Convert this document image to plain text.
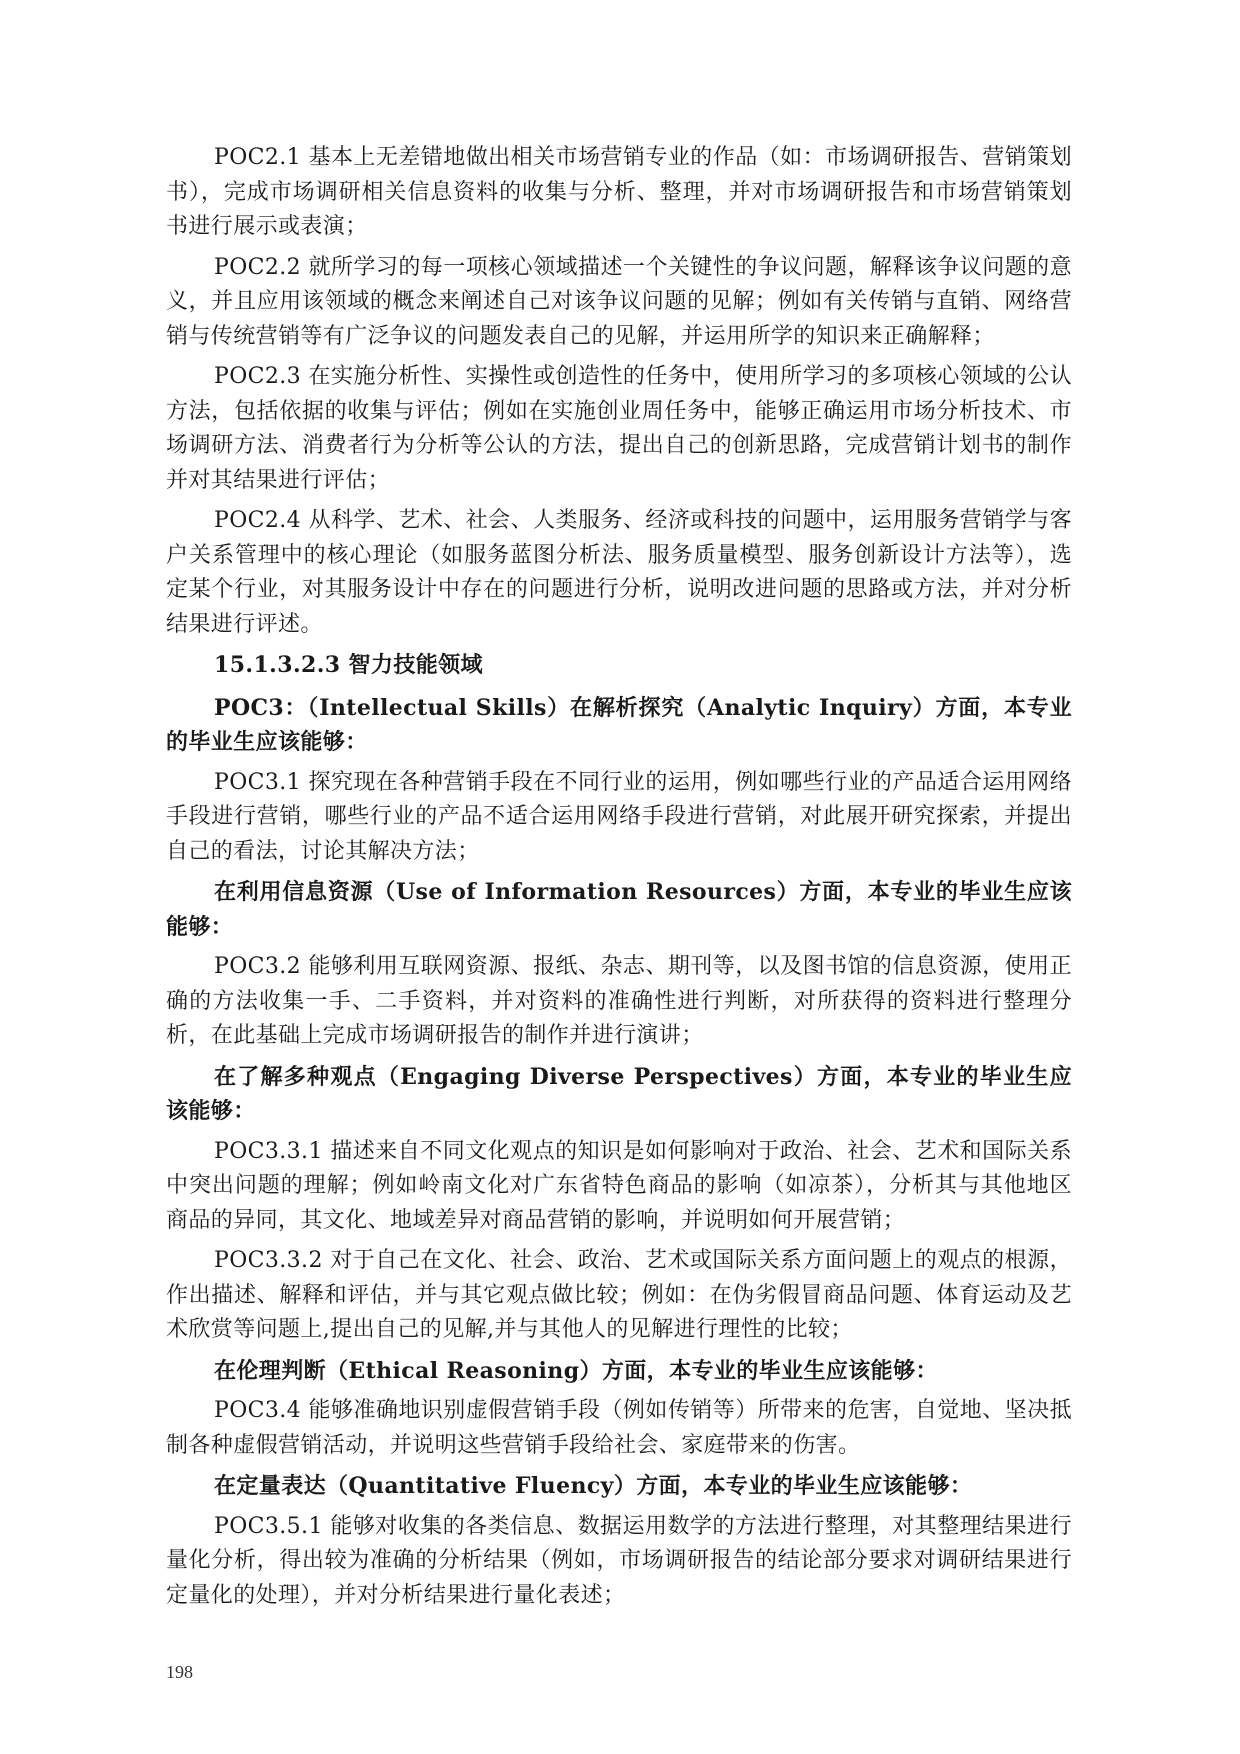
POC2.1 基本上无差错地做出相关市场营销专业的作品（如：市场调研报告、营销策划书），完成市场调研相关信息资料的收集与分析、整理，并对市场调研报告和市场营销策划书进行展示或表演；

POC2.2 就所学习的每一项核心领域描述一个关键性的争议问题，解释该争议问题的意义，并且应用该领域的概念来阐述自己对该争议问题的见解；例如有关传销与直销、网络营销与传统营销等有广泛争议的问题发表自己的见解，并运用所学的知识来正确解释；

POC2.3 在实施分析性、实操性或创造性的任务中，使用所学习的多项核心领域的公认方法，包括依据的收集与评估；例如在实施创业周任务中，能够正确运用市场分析技术、市场调研方法、消费者行为分析等公认的方法，提出自己的创新思路，完成营销计划书的制作并对其结果进行评估；

POC2.4 从科学、艺术、社会、人类服务、经济或科技的问题中，运用服务营销学与客户关系管理中的核心理论（如服务蓝图分析法、服务质量模型、服务创新设计方法等），选定某个行业，对其服务设计中存在的问题进行分析，说明改进问题的思路或方法，并对分析结果进行评述。

15.1.3.2.3 智力技能领域

POC3：（Intellectual Skills）在解析探究（Analytic Inquiry）方面，本专业的毕业生应该能够：

POC3.1 探究现在各种营销手段在不同行业的运用，例如哪些行业的产品适合运用网络手段进行营销，哪些行业的产品不适合运用网络手段进行营销，对此展开研究探索，并提出自己的看法，讨论其解决方法；

在利用信息资源（Use of Information Resources）方面，本专业的毕业生应该能够：

POC3.2 能够利用互联网资源、报纸、杂志、期刊等，以及图书馆的信息资源，使用正确的方法收集一手、二手资料，并对资料的准确性进行判断，对所获得的资料进行整理分析，在此基础上完成市场调研报告的制作并进行演讲；

在了解多种观点（Engaging Diverse Perspectives）方面，本专业的毕业生应该能够：

POC3.3.1 描述来自不同文化观点的知识是如何影响对于政治、社会、艺术和国际关系中突出问题的理解；例如岭南文化对广东省特色商品的影响（如凉茶），分析其与其他地区商品的异同，其文化、地域差异对商品营销的影响，并说明如何开展营销；

POC3.3.2 对于自己在文化、社会、政治、艺术或国际关系方面问题上的观点的根源，作出描述、解释和评估，并与其它观点做比较；例如：在伪劣假冒商品问题、体育运动及艺术欣赏等问题上,提出自己的见解,并与其他人的见解进行理性的比较；

在伦理判断（Ethical Reasoning）方面，本专业的毕业生应该能够：

POC3.4 能够准确地识别虚假营销手段（例如传销等）所带来的危害，自觉地、坚决抵制各种虚假营销活动，并说明这些营销手段给社会、家庭带来的伤害。

在定量表达（Quantitative Fluency）方面，本专业的毕业生应该能够：

POC3.5.1 能够对收集的各类信息、数据运用数学的方法进行整理，对其整理结果进行量化分析，得出较为准确的分析结果（例如，市场调研报告的结论部分要求对调研结果进行定量化的处理），并对分析结果进行量化表述；

198
